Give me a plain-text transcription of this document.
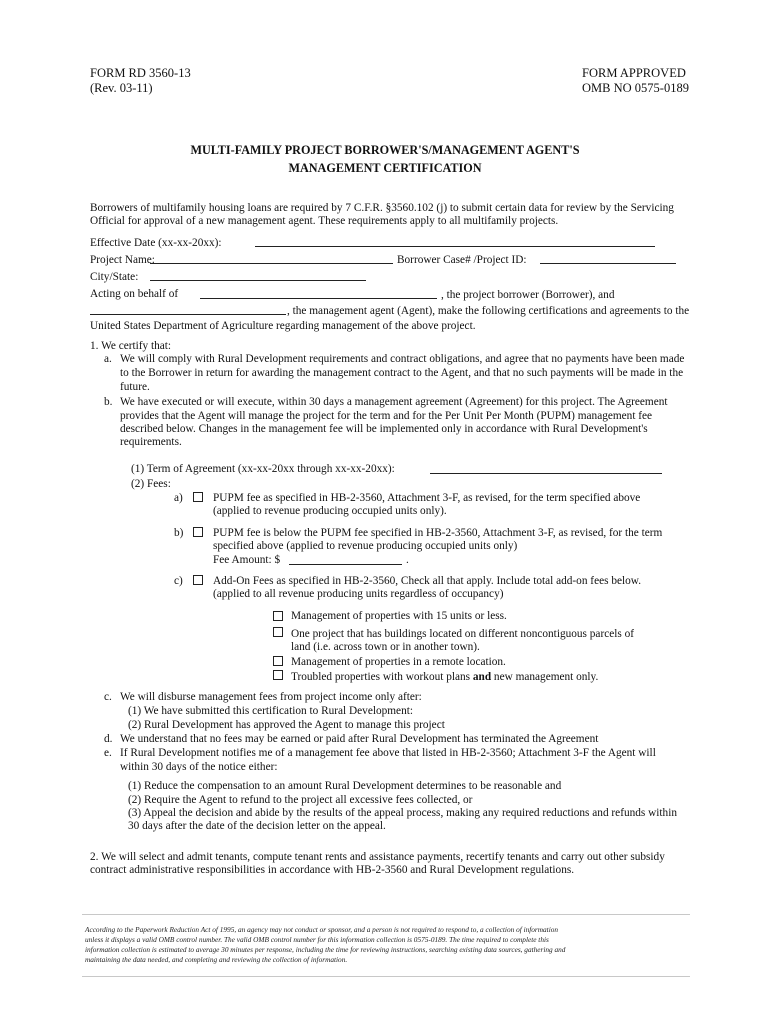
FORM RD 3560-13
(Rev. 03-11)
FORM APPROVED
OMB NO 0575-0189
MULTI-FAMILY PROJECT BORROWER'S/MANAGEMENT AGENT'S
MANAGEMENT CERTIFICATION
Borrowers of multifamily housing loans are required by 7 C.F.R. §3560.102 (j) to submit certain data for review by the Servicing
Official for approval of a new management agent. These requirements apply to all multifamily projects.
Effective Date (xx-xx-20xx):
Project Name:	Borrower Case# /Project ID:
City/State:
Acting on behalf of	, the project borrower (Borrower), and
, the management agent (Agent), make the following certifications and agreements to the
United States Department of Agriculture regarding management of the above project.
1. We certify that:
a. We will comply with Rural Development requirements and contract obligations, and agree that no payments have been made
to the Borrower in return for awarding the management contract to the Agent, and that no such payments will be made in the
future.
b. We have executed or will execute, within 30 days a management agreement (Agreement) for this project. The Agreement
provides that the Agent will manage the project for the term and for the Per Unit Per Month (PUPM) management fee
described below. Changes in the management fee will be implemented only in accordance with Rural Development's
requirements.
(1) Term of Agreement (xx-xx-20xx through xx-xx-20xx):
(2) Fees:
a)	PUPM fee as specified in HB-2-3560, Attachment 3-F, as revised, for the term specified above
(applied to revenue producing occupied units only).
b)	PUPM fee is below the PUPM fee specified in HB-2-3560, Attachment 3-F, as revised, for the term
specified above (applied to revenue producing occupied units only)
Fee Amount: $	.
c)	Add-On Fees as specified in HB-2-3560, Check all that apply. Include total add-on fees below.
(applied to all revenue producing units regardless of occupancy)
Management of properties with 15 units or less.
One project that has buildings located on different noncontiguous parcels of
land (i.e. across town or in another town).
Management of properties in a remote location.
Troubled properties with workout plans and new management only.
c. We will disburse management fees from project income only after:
(1) We have submitted this certification to Rural Development:
(2) Rural Development has approved the Agent to manage this project
d. We understand that no fees may be earned or paid after Rural Development has terminated the Agreement
e. If Rural Development notifies me of a management fee above that listed in HB-2-3560; Attachment 3-F the Agent will
within 30 days of the notice either:
(1) Reduce the compensation to an amount Rural Development determines to be reasonable and
(2) Require the Agent to refund to the project all excessive fees collected, or
(3) Appeal the decision and abide by the results of the appeal process, making any required reductions and refunds within
30 days after the date of the decision letter on the appeal.
2. We will select and admit tenants, compute tenant rents and assistance payments, recertify tenants and carry out other subsidy
contract administrative responsibilities in accordance with HB-2-3560 and Rural Development regulations.
According to the Paperwork Reduction Act of 1995, an agency may not conduct or sponsor, and a person is not required to respond to, a collection of information
unless it displays a valid OMB control number. The valid OMB control number for this information collection is 0575-0189. The time required to complete this
information collection is estimated to average 30 minutes per response, including the time for reviewing instructions, searching existing data sources, gathering and
maintaining the data needed, and completing and reviewing the collection of information.
